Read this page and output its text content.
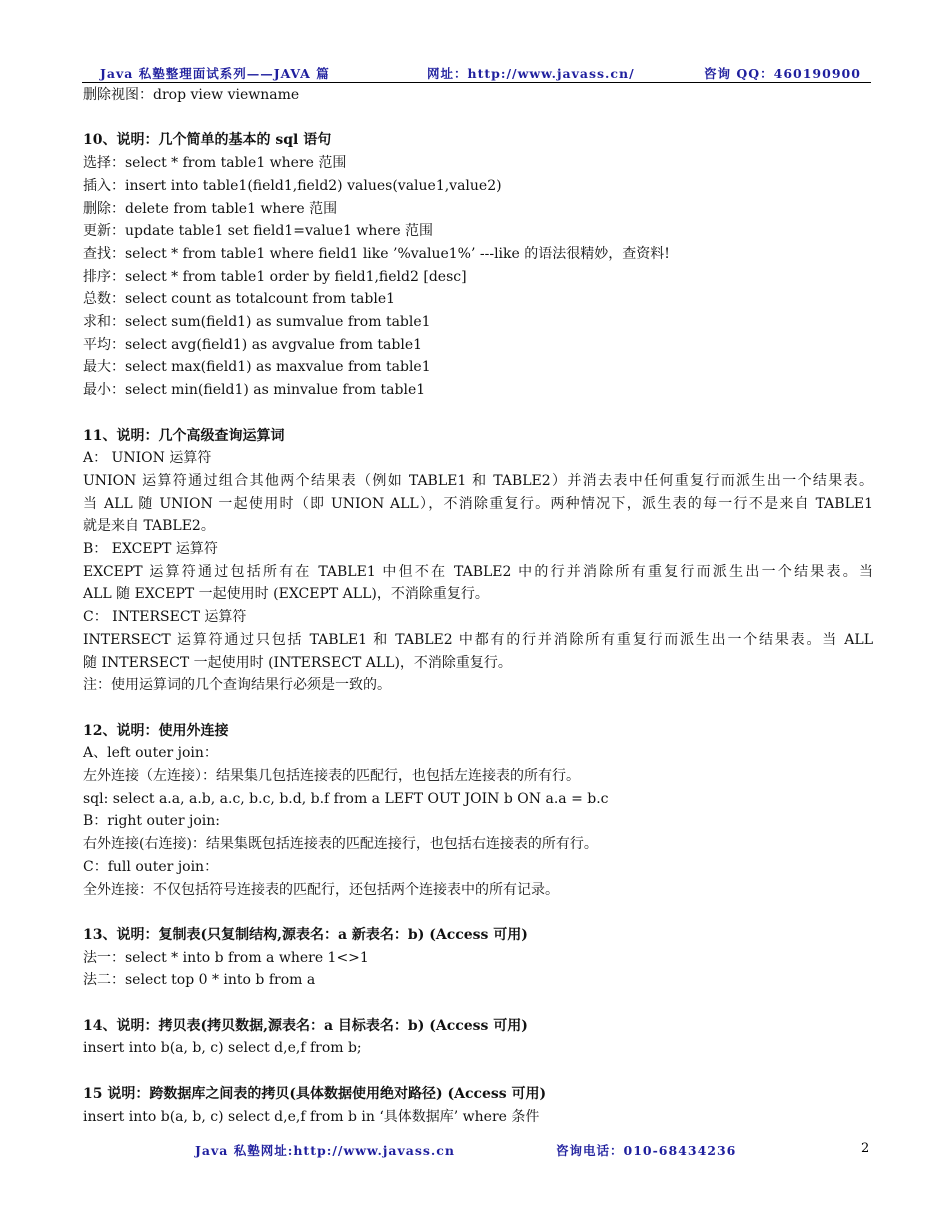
Java 私塾整理面试系列——JAVA 篇	网址：http://www.javass.cn/	咨询 QQ：460190900
删除视图：drop view viewname
10、说明：几个简单的基本的 sql 语句
选择：select * from table1 where 范围
插入：insert into table1(field1,field2) values(value1,value2)
删除：delete from table1 where 范围
更新：update table1 set field1=value1 where 范围
查找：select * from table1 where field1 like ’%value1%’ ---like 的语法很精妙，查资料!
排序：select * from table1 order by field1,field2 [desc]
总数：select count as totalcount from table1
求和：select sum(field1) as sumvalue from table1
平均：select avg(field1) as avgvalue from table1
最大：select max(field1) as maxvalue from table1
最小：select min(field1) as minvalue from table1
11、说明：几个高级查询运算词
A： UNION 运算符
UNION 运算符通过组合其他两个结果表（例如 TABLE1 和 TABLE2）并消去表中任何重复行而派生出一个结果表。
当 ALL 随 UNION 一起使用时（即 UNION ALL），不消除重复行。两种情况下，派生表的每一行不是来自 TABLE1
就是来自 TABLE2。
B： EXCEPT 运算符
EXCEPT 运算符通过包括所有在 TABLE1 中但不在 TABLE2 中的行并消除所有重复行而派生出一个结果表。当
ALL 随 EXCEPT 一起使用时 (EXCEPT ALL)，不消除重复行。
C： INTERSECT 运算符
INTERSECT 运算符通过只包括 TABLE1 和 TABLE2 中都有的行并消除所有重复行而派生出一个结果表。当 ALL
随 INTERSECT 一起使用时 (INTERSECT ALL)，不消除重复行。
注：使用运算词的几个查询结果行必须是一致的。
12、说明：使用外连接
A、left outer join：
左外连接（左连接）：结果集几包括连接表的匹配行，也包括左连接表的所有行。
sql: select a.a, a.b, a.c, b.c, b.d, b.f from a LEFT OUT JOIN b ON a.a = b.c
B：right outer join:
右外连接(右连接)：结果集既包括连接表的匹配连接行，也包括右连接表的所有行。
C：full outer join：
全外连接：不仅包括符号连接表的匹配行，还包括两个连接表中的所有记录。
13、说明：复制表(只复制结构,源表名：a 新表名：b) (Access 可用)
法一：select * into b from a where 1<>1
法二：select top 0 * into b from a
14、说明：拷贝表(拷贝数据,源表名：a 目标表名：b) (Access 可用)
insert into b(a, b, c) select d,e,f from b;
15 说明：跨数据库之间表的拷贝(具体数据使用绝对路径) (Access 可用)
insert into b(a, b, c) select d,e,f from b in ‘具体数据库’ where 条件
Java 私塾网址:http://www.javass.cn	咨询电话：010-68434236	2
